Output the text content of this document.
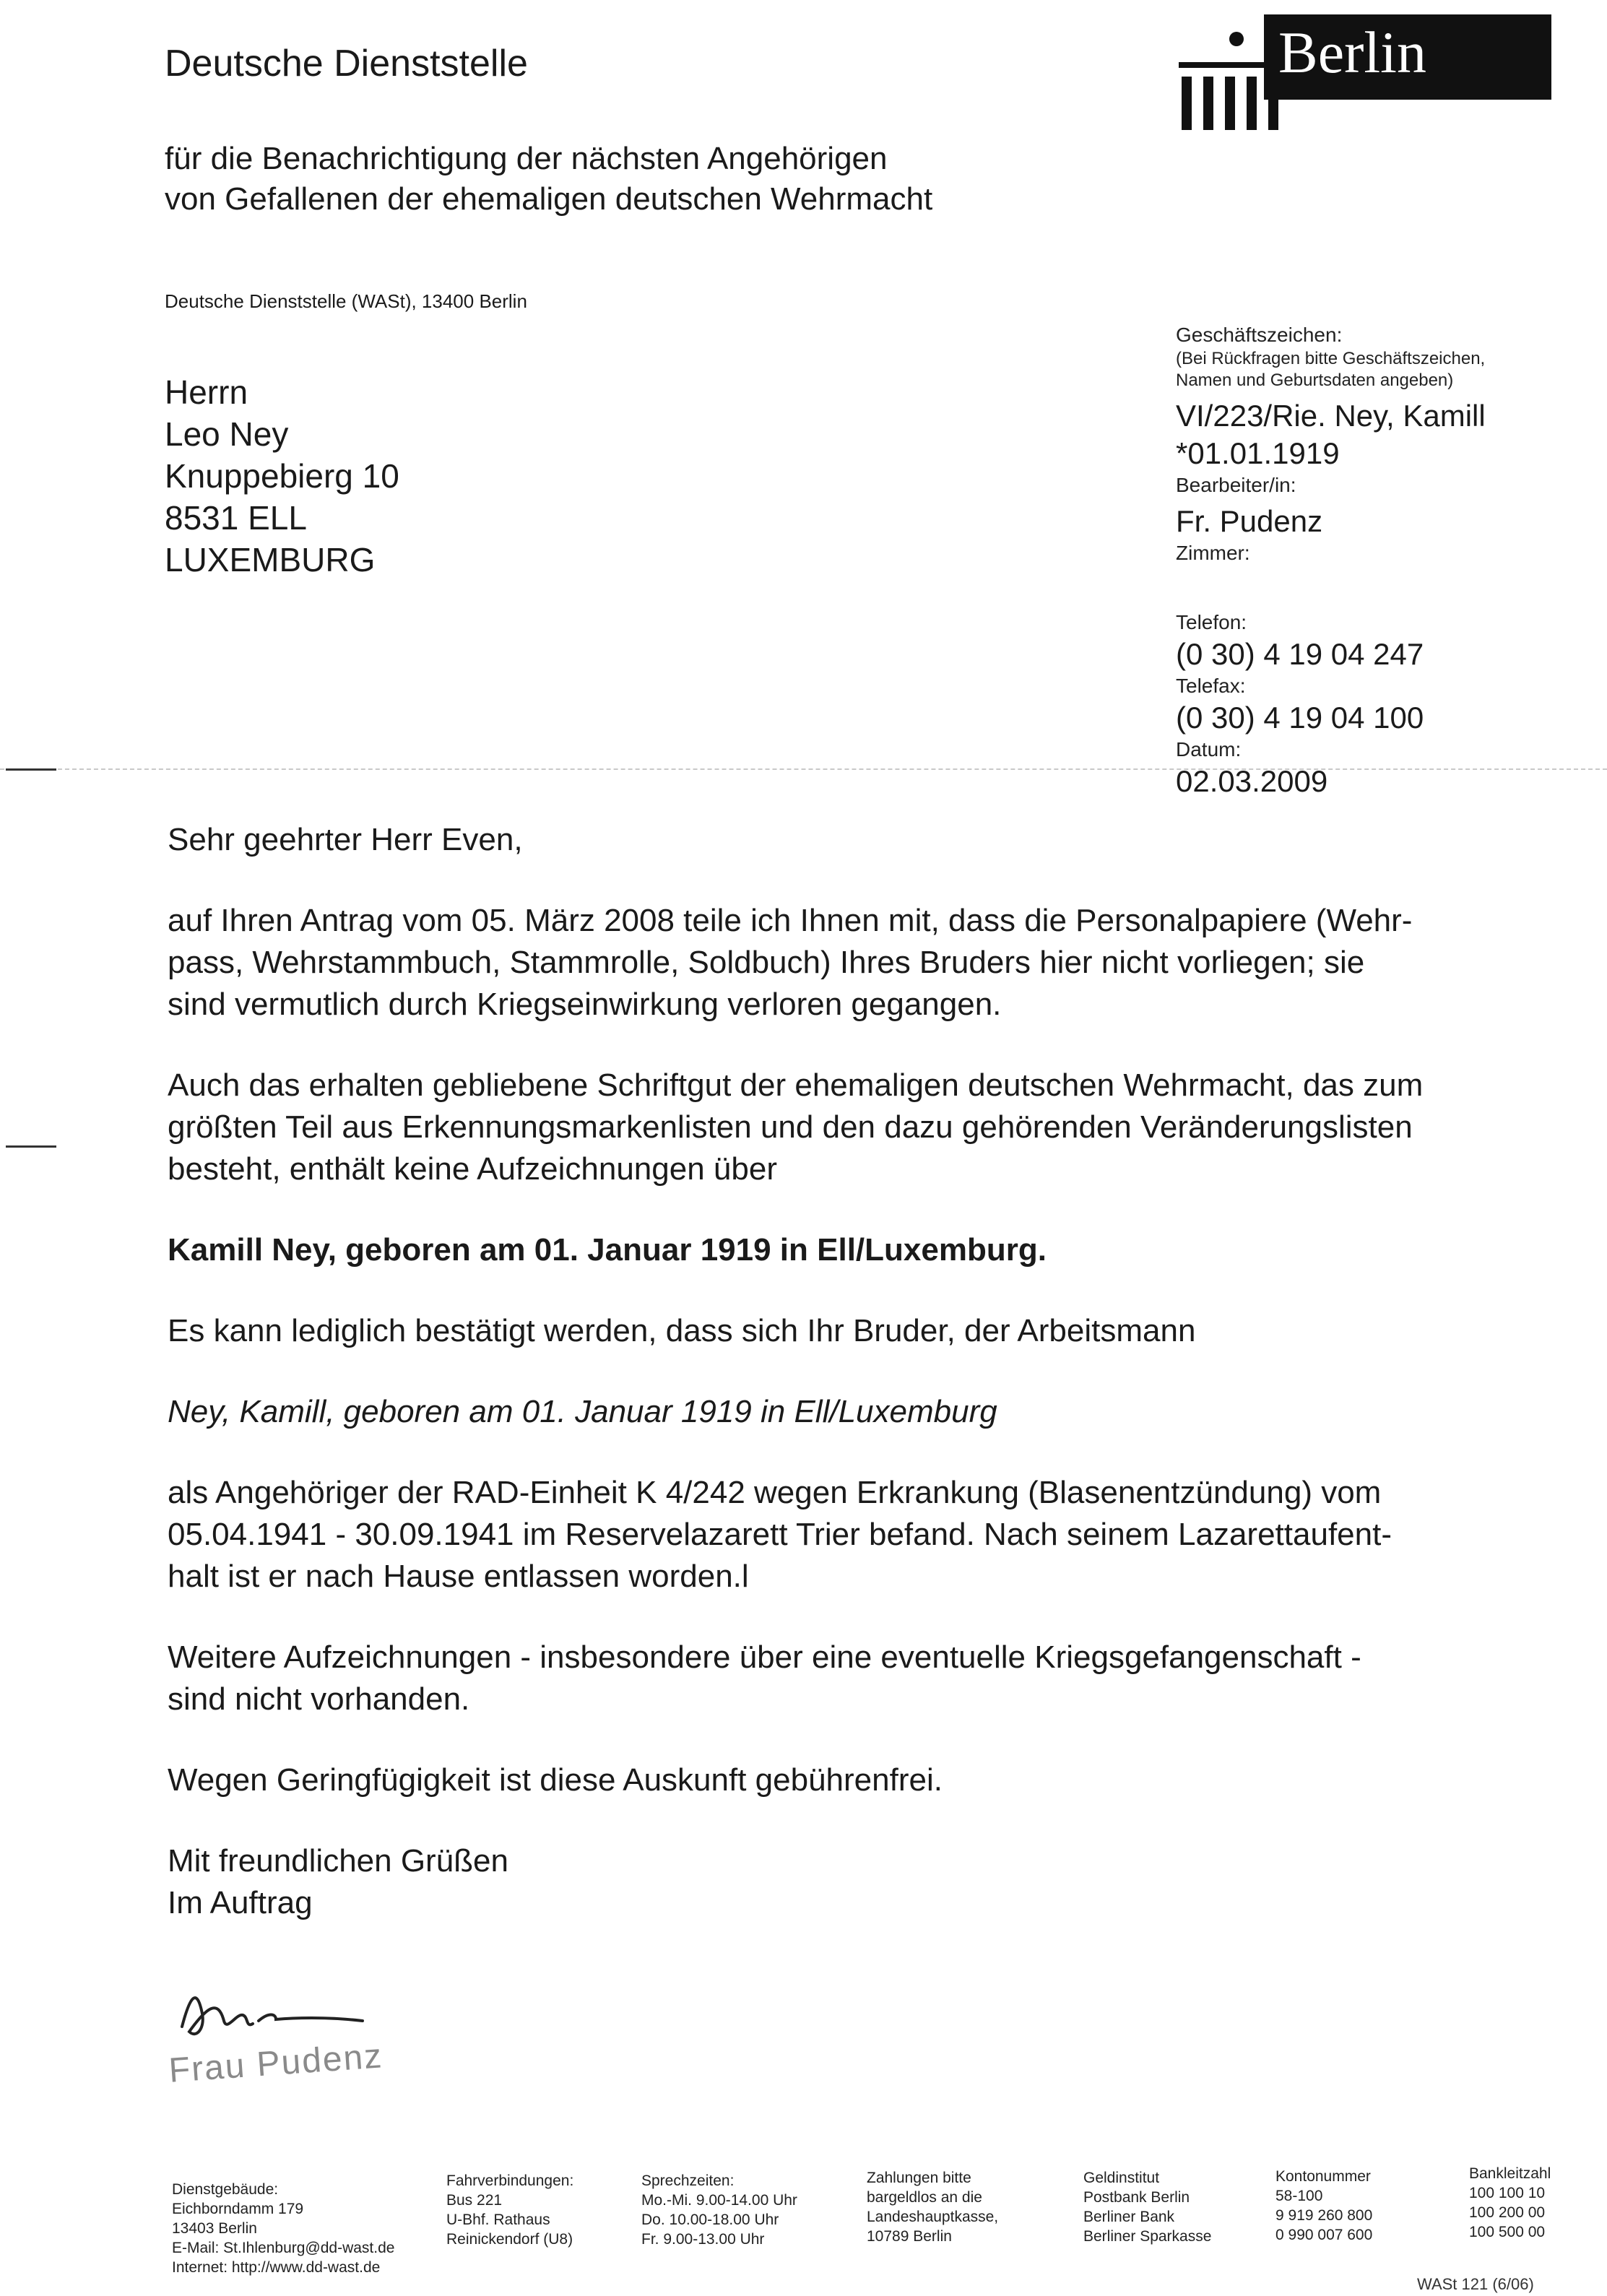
Deutsche Dienststelle
für die Benachrichtigung der nächsten Angehörigen
von Gefallenen der ehemaligen deutschen Wehrmacht
Berlin
Deutsche Dienststelle (WASt), 13400 Berlin
Herrn
Leo Ney
Knuppebierg 10
8531 ELL
LUXEMBURG
Geschäftszeichen:
(Bei Rückfragen bitte Geschäftszeichen,
Namen und Geburtsdaten angeben)
VI/223/Rie. Ney, Kamill
*01.01.1919
Bearbeiter/in:
Fr. Pudenz
Zimmer:
Telefon:
(0 30) 4 19 04 247
Telefax:
(0 30) 4 19 04 100
Datum:
02.03.2009

Sehr geehrter Herr Even,

auf Ihren Antrag vom 05. März 2008 teile ich Ihnen mit, dass die Personalpapiere (Wehr-
pass, Wehrstammbuch, Stammrolle, Soldbuch) Ihres Bruders hier nicht vorliegen; sie
sind vermutlich durch Kriegseinwirkung verloren gegangen.

Auch das erhalten gebliebene Schriftgut der ehemaligen deutschen Wehrmacht, das zum
größten Teil aus Erkennungsmarkenlisten und den dazu gehörenden Veränderungslisten
besteht, enthält keine Aufzeichnungen über

Kamill Ney, geboren am 01. Januar 1919 in Ell/Luxemburg.

Es kann lediglich bestätigt werden, dass sich Ihr Bruder, der Arbeitsmann

Ney, Kamill, geboren am 01. Januar 1919 in Ell/Luxemburg

als Angehöriger der RAD-Einheit K 4/242 wegen Erkrankung (Blasenentzündung) vom
05.04.1941 - 30.09.1941 im Reservelazarett Trier befand. Nach seinem Lazarettaufent-
halt ist er nach Hause entlassen worden.l

Weitere Aufzeichnungen - insbesondere über eine eventuelle Kriegsgefangenschaft -
sind nicht vorhanden.

Wegen Geringfügigkeit ist diese Auskunft gebührenfrei.

Mit freundlichen Grüßen
Im Auftrag

Frau Pudenz
Dienstgebäude:
Eichborndamm 179
13403 Berlin
E-Mail: St.Ihlenburg@dd-wast.de
Internet: http://www.dd-wast.de
Fahrverbindungen:
Bus 221
U-Bhf. Rathaus
Reinickendorf (U8)
Sprechzeiten:
Mo.-Mi. 9.00-14.00 Uhr
Do. 10.00-18.00 Uhr
Fr. 9.00-13.00 Uhr
Zahlungen bitte
bargeldlos an die
Landeshauptkasse,
10789 Berlin
Geldinstitut
Postbank Berlin
Berliner Bank
Berliner Sparkasse
Kontonummer
58-100
9 919 260 800
0 990 007 600
Bankleitzahl
100 100 10
100 200 00
100 500 00
WASt 121 (6/06)
